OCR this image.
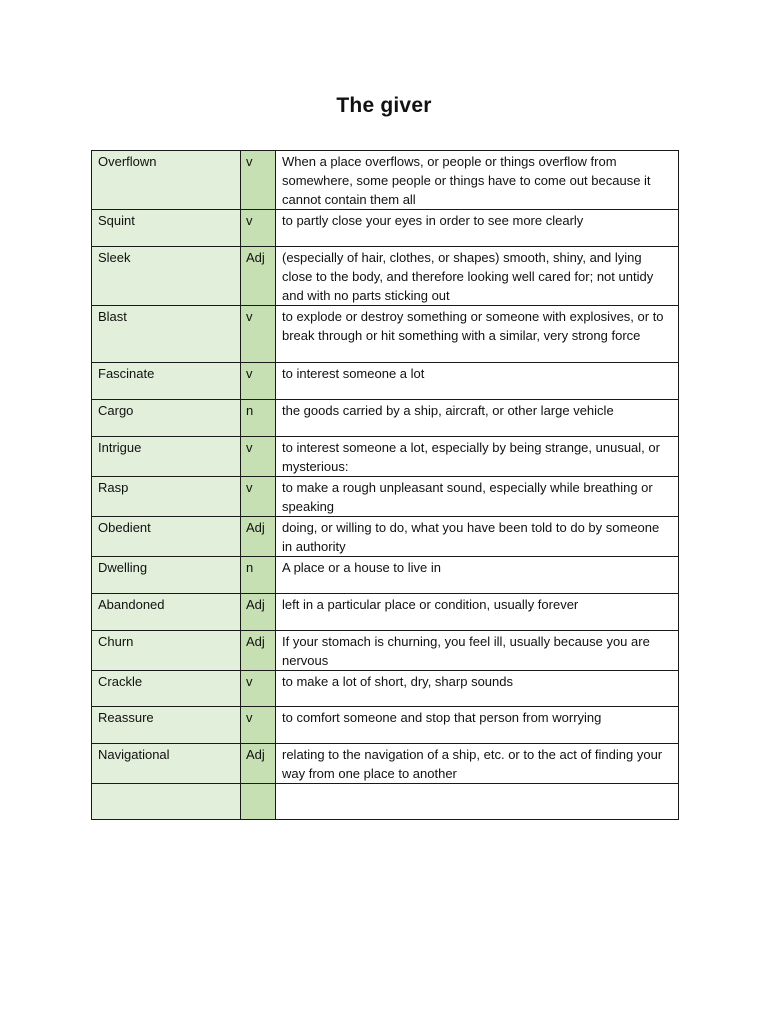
The giver
Overflown	v	When a place overflows, or people or things overflow from somewhere, some people or things have to come out because it cannot contain them all
Squint	v	to partly close your eyes in order to see more clearly
Sleek	Adj	(especially of hair, clothes, or shapes) smooth, shiny, and lying close to the body, and therefore looking well cared for; not untidy and with no parts sticking out
Blast	v	to explode or destroy something or someone with explosives, or to break through or hit something with a similar, very strong force
Fascinate	v	to interest someone a lot
Cargo	n	the goods carried by a ship, aircraft, or other large vehicle
Intrigue	v	to interest someone a lot, especially by being strange, unusual, or mysterious:
Rasp	v	to make a rough unpleasant sound, especially while breathing or speaking
Obedient	Adj	doing, or willing to do, what you have been told to do by someone in authority
Dwelling	n	A place or a house to live in
Abandoned	Adj	left in a particular place or condition, usually forever
Churn	Adj	If your stomach is churning, you feel ill, usually because you are nervous
Crackle	v	to make a lot of short, dry, sharp sounds
Reassure	v	to comfort someone and stop that person from worrying
Navigational	Adj	relating to the navigation of a ship, etc. or to the act of finding your way from one place to another
